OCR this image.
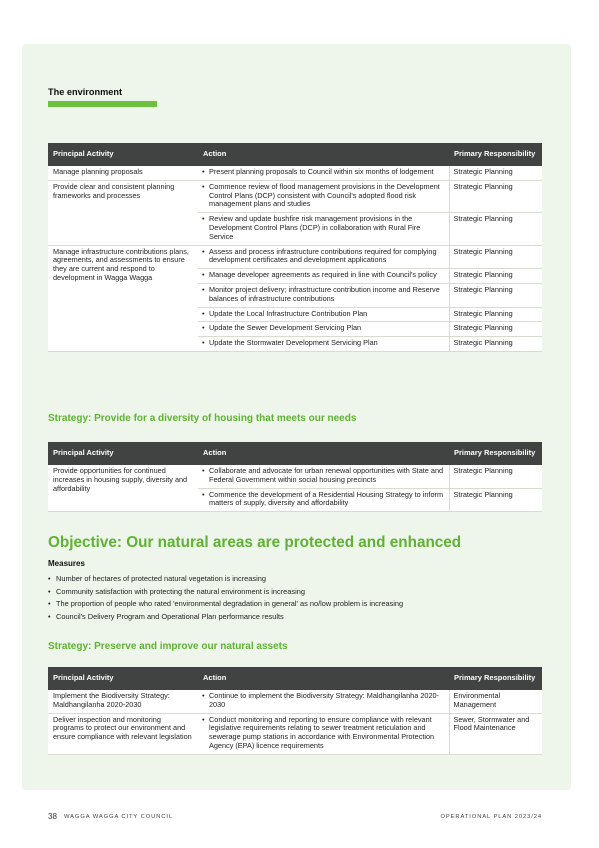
The environment
Principal Activity	Action	Primary Responsibility
Manage planning proposals	• Present planning proposals to Council within six months of lodgement	Strategic Planning
Provide clear and consistent planning frameworks and processes	• Commence review of flood management provisions in the Development Control Plans (DCP) consistent with Council's adopted flood risk management plans and studies	Strategic Planning

	• Review and update bushfire risk management provisions in the Development Control Plans (DCP) in collaboration with Rural Fire Service	Strategic Planning
Manage infrastructure contributions plans, agreements, and assessments to ensure they are current and respond to development in Wagga Wagga	• Assess and process infrastructure contributions required for complying development certificates and development applications	Strategic Planning

	• Manage developer agreements as required in line with Council's policy	Strategic Planning

	• Monitor project delivery; infrastructure contribution income and Reserve balances of infrastructure contributions	Strategic Planning

	• Update the Local Infrastructure Contribution Plan	Strategic Planning

	• Update the Sewer Development Servicing Plan	Strategic Planning

	• Update the Stormwater Development Servicing Plan	Strategic Planning
Strategy: Provide for a diversity of housing that meets our needs
Principal Activity	Action	Primary Responsibility
Provide opportunities for continued increases in housing supply, diversity and affordability	• Collaborate and advocate for urban renewal opportunities with State and Federal Government within social housing precincts	Strategic Planning

	• Commence the development of a Residential Housing Strategy to inform matters of supply, diversity and affordability	Strategic Planning
Objective: Our natural areas are protected and enhanced
Measures
• Number of hectares of protected natural vegetation is increasing
• Community satisfaction with protecting the natural environment is increasing
• The proportion of people who rated 'environmental degradation in general' as no/low problem is increasing
• Council's Delivery Program and Operational Plan performance results
Strategy: Preserve and improve our natural assets
Principal Activity	Action	Primary Responsibility
Implement the Biodiversity Strategy: Maldhangilanha 2020-2030	• Continue to implement the Biodiversity Strategy: Maldhangilanha 2020-2030	Environmental Management
Deliver inspection and monitoring programs to protect our environment and ensure compliance with relevant legislation	• Conduct monitoring and reporting to ensure compliance with relevant legislative requirements relating to sewer treatment reticulation and sewerage pump stations in accordance with Environmental Protection Agency (EPA) licence requirements	Sewer, Stormwater and Flood Maintenance
38 WAGGA WAGGA CITY COUNCIL	OPERATIONAL PLAN 2023/24
